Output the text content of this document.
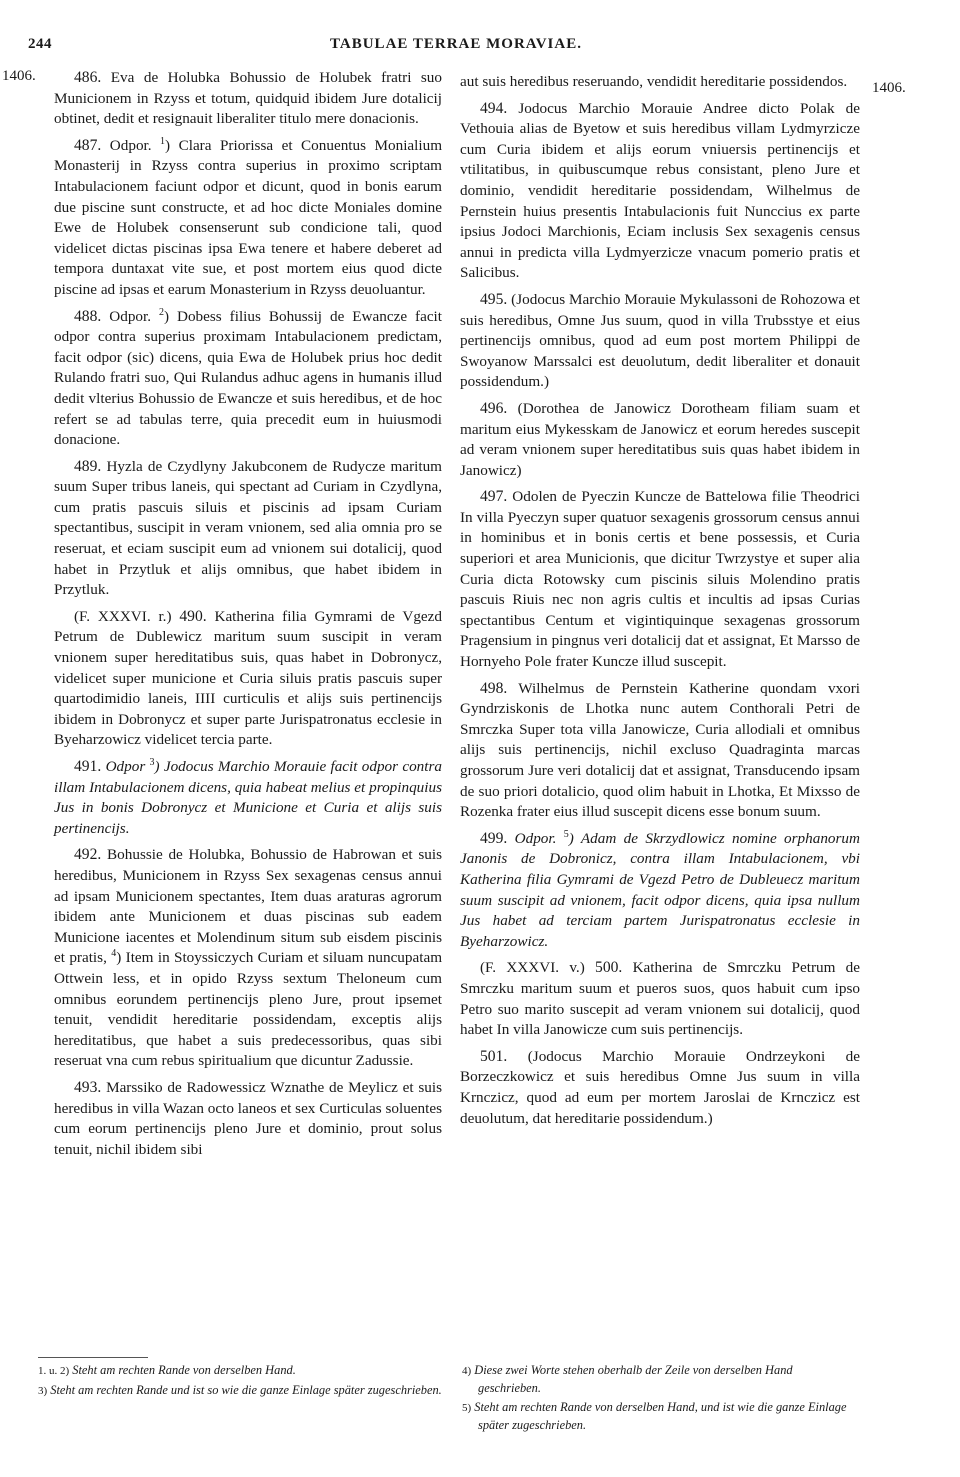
244	TABULAE TERRAE MORAVIAE.
1406.
1406.

486. Eva de Holubka Bohussio de Holubek fratri suo Municionem in Rzyss et totum, quidquid ibidem Jure dotalicij obtinet, dedit et resignauit liberaliter titulo mere donacionis.

487. Odpor. $^1$) Clara Priorissa et Conuentus Monialium Monasterij in Rzyss contra superius in proximo scriptam Intabulacionem faciunt odpor et dicunt, quod in bonis earum due piscine sunt constructe, et ad hoc dicte Moniales domine Ewe de Holubek consenserunt sub condicione tali, quod videlicet dictas piscinas ipsa Ewa tenere et habere deberet ad tempora duntaxat vite sue, et post mortem eius quod dicte piscine ad ipsas et earum Monasterium in Rzyss deuoluantur.

488. Odpor. $^2$) Dobess filius Bohussij de Ewancze facit odpor contra superius proximam Intabulacionem predictam, facit odpor (sic) dicens, quia Ewa de Holubek prius hoc dedit Rulando fratri suo, Qui Rulandus adhuc agens in humanis illud dedit vlterius Bohussio de Ewancze et suis heredibus, et de hoc refert se ad tabulas terre, quia precedit eum in huiusmodi donacione.

489. Hyzla de Czydlyny Jakubconem de Rudycze maritum suum Super tribus laneis, qui spectant ad Curiam in Czydlyna, cum pratis pascuis siluis et piscinis ad ipsam Curiam spectantibus, suscipit in veram vnionem, sed alia omnia pro se reseruat, et eciam suscipit eum ad vnionem sui dotalicij, quod habet in Przytluk et alijs omnibus, que habet ibidem in Przytluk.

(F. XXXVI. r.) 490. Katherina filia Gymrami de Vgezd Petrum de Dublewicz maritum suum suscipit in veram vnionem super hereditatibus suis, quas habet in Dobronycz, videlicet super municione et Curia siluis pratis pascuis super quartodimidio laneis, IIII curticulis et alijs suis pertinencijs ibidem in Dobronycz et super parte Jurispatronatus ecclesie in Byeharzowicz videlicet tercia parte.

491. Odpor $^3$) Jodocus Marchio Morauie facit odpor contra illam Intabulacionem dicens, quia habeat melius et propinquius Jus in bonis Dobronycz et Municione et Curia et alijs suis pertinencijs.

492. Bohussie de Holubka, Bohussio de Habrowan et suis heredibus, Municionem in Rzyss Sex sexagenas census annui ad ipsam Municionem spectantes, Item duas araturas agrorum ibidem ante Municionem et duas piscinas sub eadem Municione iacentes et Molendinum situm sub eisdem piscinis et pratis, $^4$) Item in Stoyssiczych Curiam et siluam nuncupatam Ottwein less, et in opido Rzyss sextum Theloneum cum omnibus eorundem pertinencijs pleno Jure, prout ipsemet tenuit, vendidit hereditarie possidendam, exceptis alijs hereditatibus, que habet a suis predecessoribus, quas sibi reseruat vna cum rebus spiritualium que dicuntur Zadussie.

493. Marssiko de Radowessicz Wznathe de Meylicz et suis heredibus in villa Wazan octo laneos et sex Curticulas soluentes cum eorum pertinencijs pleno Jure et dominio, prout solus tenuit, nichil ibidem sibi

aut suis heredibus reseruando, vendidit hereditarie possidendos.

494. Jodocus Marchio Morauie Andree dicto Polak de Vethouia alias de Byetow et suis heredibus villam Lydmyrzicze cum Curia ibidem et alijs eorum vniuersis pertinencijs et vtilitatibus, in quibuscumque rebus consistant, pleno Jure et dominio, vendidit hereditarie possidendam, Wilhelmus de Pernstein huius presentis Intabulacionis fuit Nunccius ex parte ipsius Jodoci Marchionis, Eciam inclusis Sex sexagenis census annui in predicta villa Lydmyerzicze vnacum pomerio pratis et Salicibus.

495. (Jodocus Marchio Morauie Mykulassoni de Rohozowa et suis heredibus, Omne Jus suum, quod in villa Trubsstye et eius pertinencijs omnibus, quod ad eum post mortem Philippi de Swoyanow Marssalci est deuolutum, dedit liberaliter et donauit possidendum.)

496. (Dorothea de Janowicz Dorotheam filiam suam et maritum eius Mykesskam de Janowicz et eorum heredes suscepit ad veram vnionem super hereditatibus suis quas habet ibidem in Janowicz)

497. Odolen de Pyeczin Kuncze de Battelowa filie Theodrici In villa Pyeczyn super quatuor sexagenis grossorum census annui in hominibus et in bonis certis et bene possessis, et Curia superiori et area Municionis, que dicitur Twrzystye et super alia Curia dicta Rotowsky cum piscinis siluis Molendino pratis pascuis Riuis nec non agris cultis et incultis ad ipsas Curias spectantibus Centum et vigintiquinque sexagenas grossorum Pragensium in pingnus veri dotalicij dat et assignat, Et Marsso de Hornyeho Pole frater Kuncze illud suscepit.

498. Wilhelmus de Pernstein Katherine quondam vxori Gyndrziskonis de Lhotka nunc autem Conthorali Petri de Smrczka Super tota villa Janowicze, Curia allodiali et omnibus alijs suis pertinencijs, nichil excluso Quadraginta marcas grossorum Jure veri dotalicij dat et assignat, Transducendo ipsam de suo priori dotalicio, quod olim habuit in Lhotka, Et Mixsso de Rozenka frater eius illud suscepit dicens esse bonum suum.

499. Odpor. $^5$) Adam de Skrzydlowicz nomine orphanorum Janonis de Dobronicz, contra illam Intabulacionem, vbi Katherina filia Gymrami de Vgezd Petro de Dubleuecz maritum suum suscipit ad vnionem, facit odpor dicens, quia ipsa nullum Jus habet ad terciam partem Jurispatronatus ecclesie in Byeharzowicz.

(F. XXXVI. v.) 500. Katherina de Smrczku Petrum de Smrczku maritum suum et pueros suos, quos habuit cum ipso Petro suo marito suscepit ad veram vnionem sui dotalicij, quod habet In villa Janowicze cum suis pertinencijs.

501. (Jodocus Marchio Morauie Ondrzeykoni de Borzeczkowicz et suis heredibus Omne Jus suum in villa Krnczicz, quod ad eum per mortem Jaroslai de Krnczicz est deuolutum, dat hereditarie possidendum.)

1. u. 2) Steht am rechten Rande von derselben Hand.

3) Steht am rechten Rande und ist so wie die ganze Einlage später zugeschrieben.

4) Diese zwei Worte stehen oberhalb der Zeile von derselben Hand geschrieben.

5) Steht am rechten Rande von derselben Hand, und ist wie die ganze Einlage später zugeschrieben.
